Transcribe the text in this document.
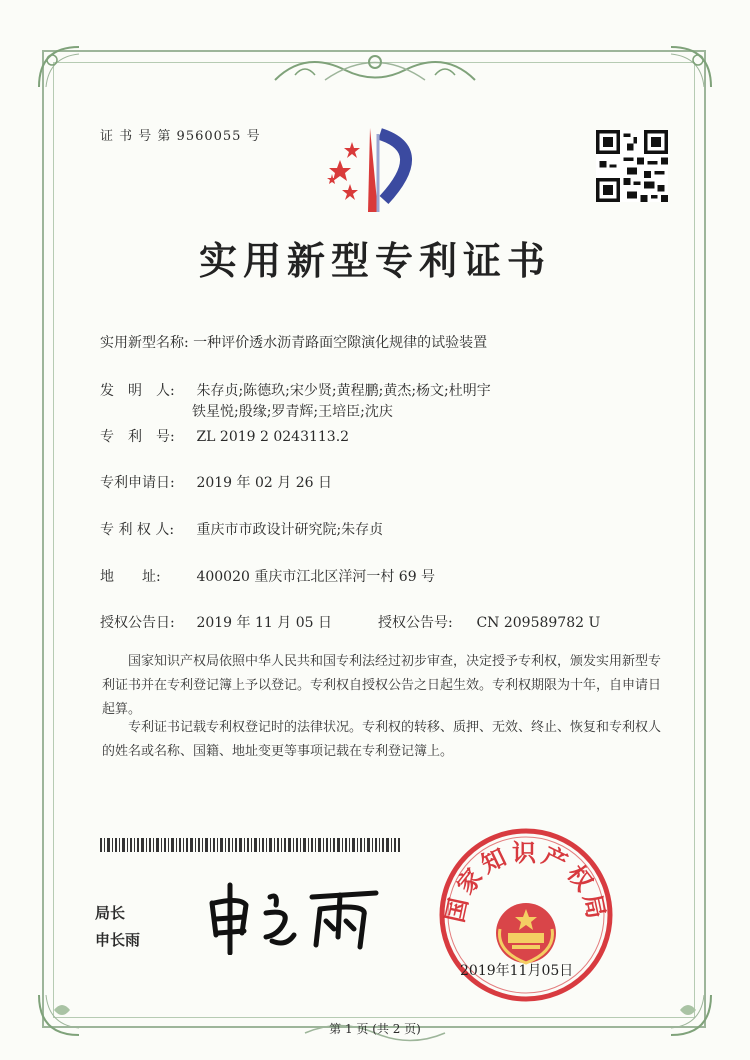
证 书 号 第 9560055 号
实用新型专利证书
实用新型名称: 一种评价透水沥青路面空隙演化规律的试验装置
发　明　人: 朱存贞;陈德玖;宋少贤;黄程鹏;黄杰;杨文;杜明宇
铁星悦;殷缘;罗青辉;王培臣;沈庆
专　利　号: ZL 2019 2 0243113.2
专利申请日: 2019 年 02 月 26 日
专 利 权 人: 重庆市市政设计研究院;朱存贞
地　　址:	400020 重庆市江北区洋河一村 69 号
授权公告日: 2019 年 11 月 05 日	授权公告号: CN 209589782 U
国家知识产权局依照中华人民共和国专利法经过初步审查，决定授予专利权，颁发实用新型专利证书并在专利登记簿上予以登记。专利权自授权公告之日起生效。专利权期限为十年，自申请日起算。
专利证书记载专利权登记时的法律状况。专利权的转移、质押、无效、终止、恢复和专利权人的姓名或名称、国籍、地址变更等事项记载在专利登记簿上。
局长
申长雨
国家知识产权局
2019年11月05日
第 1 页 (共 2 页)
